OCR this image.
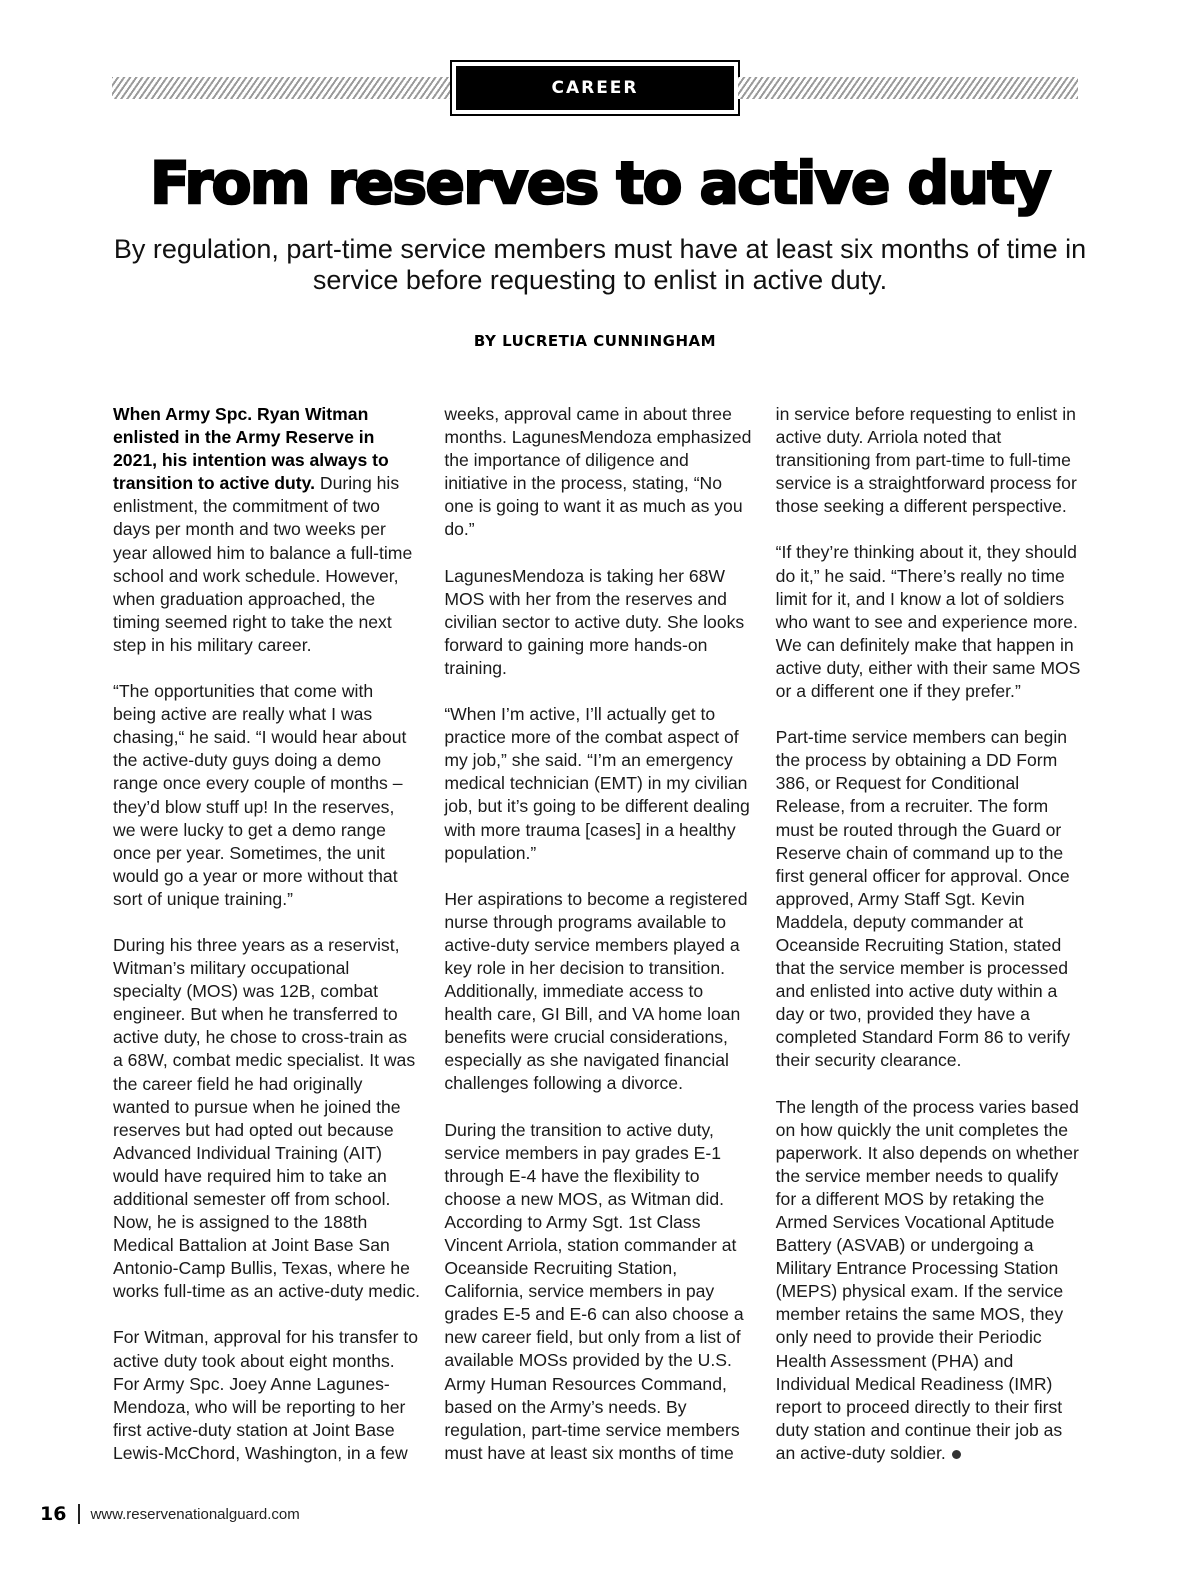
CAREER
From reserves to active duty

By regulation, part-time service members must have at least six months of time in service before requesting to enlist in active duty.

BY LUCRETIA CUNNINGHAM

When Army Spc. Ryan Witman enlisted in the Army Reserve in 2021, his intention was always to transition to active duty. During his enlistment, the commitment of two days per month and two weeks per year allowed him to balance a full-time school and work schedule. However, when graduation approached, the timing seemed right to take the next step in his military career.

“The opportunities that come with being active are really what I was chasing,“ he said. “I would hear about the active-duty guys doing a demo range once every couple of months – they’d blow stuff up! In the reserves, we were lucky to get a demo range once per year. Sometimes, the unit would go a year or more without that sort of unique training.”

During his three years as a reservist, Witman’s military occupational specialty (MOS) was 12B, combat engineer. But when he transferred to active duty, he chose to cross-train as a 68W, combat medic specialist. It was the career field he had originally wanted to pursue when he joined the reserves but had opted out because Advanced Individual Training (AIT) would have required him to take an additional semester off from school. Now, he is assigned to the 188th Medical Battalion at Joint Base San Antonio-Camp Bullis, Texas, where he works full-time as an active-duty medic.

For Witman, approval for his transfer to active duty took about eight months. For Army Spc. Joey Anne Lagunes-Mendoza, who will be reporting to her first active-duty station at Joint Base Lewis-McChord, Washington, in a few weeks, approval came in about three months. LagunesMendoza emphasized the importance of diligence and initiative in the process, stating, “No one is going to want it as much as you do.”

LagunesMendoza is taking her 68W MOS with her from the reserves and civilian sector to active duty. She looks forward to gaining more hands-on training.

“When I’m active, I’ll actually get to practice more of the combat aspect of my job,” she said. “I’m an emergency medical technician (EMT) in my civilian job, but it’s going to be different dealing with more trauma [cases] in a healthy population.”

Her aspirations to become a registered nurse through programs available to active-duty service members played a key role in her decision to transition. Additionally, immediate access to health care, GI Bill, and VA home loan benefits were crucial considerations, especially as she navigated financial challenges following a divorce.

During the transition to active duty, service members in pay grades E-1 through E-4 have the flexibility to choose a new MOS, as Witman did. According to Army Sgt. 1st Class Vincent Arriola, station commander at Oceanside Recruiting Station, California, service members in pay grades E-5 and E-6 can also choose a new career field, but only from a list of available MOSs provided by the U.S. Army Human Resources Command, based on the Army’s needs. By regulation, part-time service members must have at least six months of time in service before requesting to enlist in active duty. Arriola noted that transitioning from part-time to full-time service is a straightforward process for those seeking a different perspective.

“If they’re thinking about it, they should do it,” he said. “There’s really no time limit for it, and I know a lot of soldiers who want to see and experience more. We can definitely make that happen in active duty, either with their same MOS or a different one if they prefer.”

Part-time service members can begin the process by obtaining a DD Form 386, or Request for Conditional Release, from a recruiter. The form must be routed through the Guard or Reserve chain of command up to the first general officer for approval. Once approved, Army Staff Sgt. Kevin Maddela, deputy commander at Oceanside Recruiting Station, stated that the service member is processed and enlisted into active duty within a day or two, provided they have a completed Standard Form 86 to verify their security clearance.

The length of the process varies based on how quickly the unit completes the paperwork. It also depends on whether the service member needs to qualify for a different MOS by retaking the Armed Services Vocational Aptitude Battery (ASVAB) or undergoing a Military Entrance Processing Station (MEPS) physical exam. If the service member retains the same MOS, they only need to provide their Periodic Health Assessment (PHA) and Individual Medical Readiness (IMR) report to proceed directly to their first duty station and continue their job as an active-duty soldier.

16 www.reservenationalguard.com
